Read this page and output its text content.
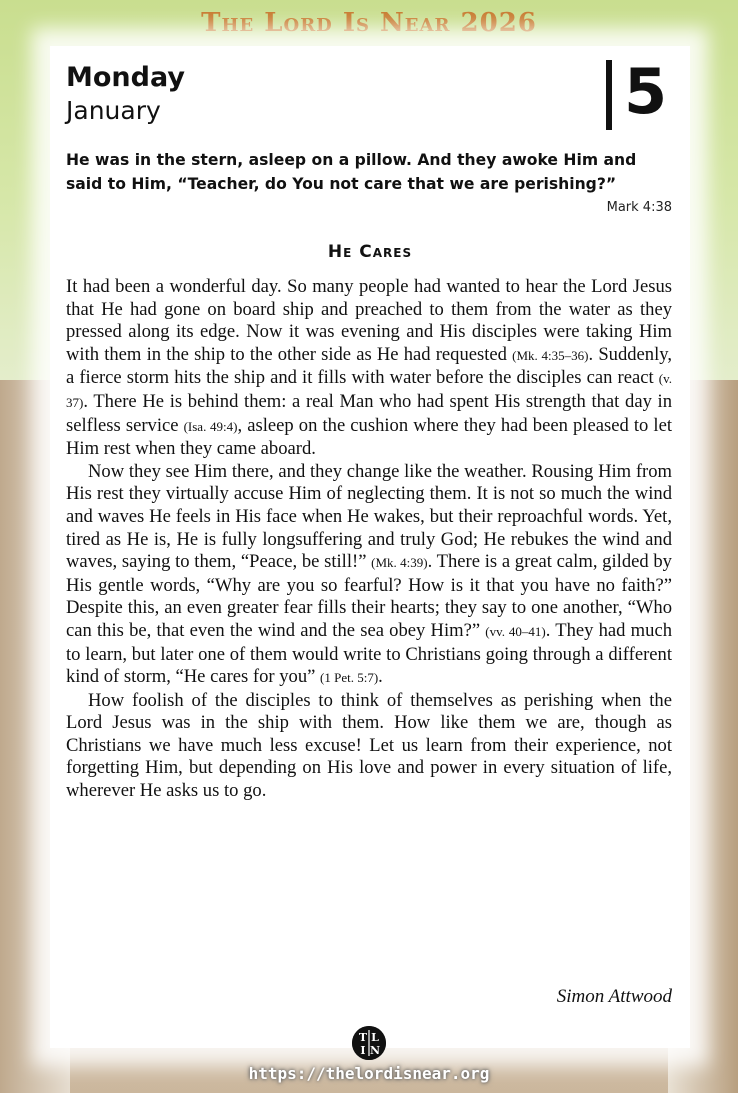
The Lord Is Near 2026
Monday
January	5
He was in the stern, asleep on a pillow. And they awoke Him and said to Him, “Teacher, do You not care that we are perishing?”
Mark 4:38
He Cares

It had been a wonderful day. So many people had wanted to hear the Lord Jesus that He had gone on board ship and preached to them from the water as they pressed along its edge. Now it was evening and His disciples were taking Him with them in the ship to the other side as He had requested (Mk. 4:35–36). Suddenly, a fierce storm hits the ship and it fills with water before the disciples can react (v. 37). There He is behind them: a real Man who had spent His strength that day in selfless service (Isa. 49:4), asleep on the cushion where they had been pleased to let Him rest when they came aboard.

Now they see Him there, and they change like the weather. Rousing Him from His rest they virtually accuse Him of neglecting them. It is not so much the wind and waves He feels in His face when He wakes, but their reproachful words. Yet, tired as He is, He is fully longsuffering and truly God; He rebukes the wind and waves, saying to them, “Peace, be still!” (Mk. 4:39). There is a great calm, gilded by His gentle words, “Why are you so fearful? How is it that you have no faith?” Despite this, an even greater fear fills their hearts; they say to one another, “Who can this be, that even the wind and the sea obey Him?” (vv. 40–41). They had much to learn, but later one of them would write to Christians going through a different kind of storm, “He cares for you” (1 Pet. 5:7).

How foolish of the disciples to think of themselves as perishing when the Lord Jesus was in the ship with them. How like them we are, though as Christians we have much less excuse! Let us learn from their experience, not forgetting Him, but depending on His love and power in every situation of life, wherever He asks us to go.

Simon Attwood
T L
I N
https://thelordisnear.org
